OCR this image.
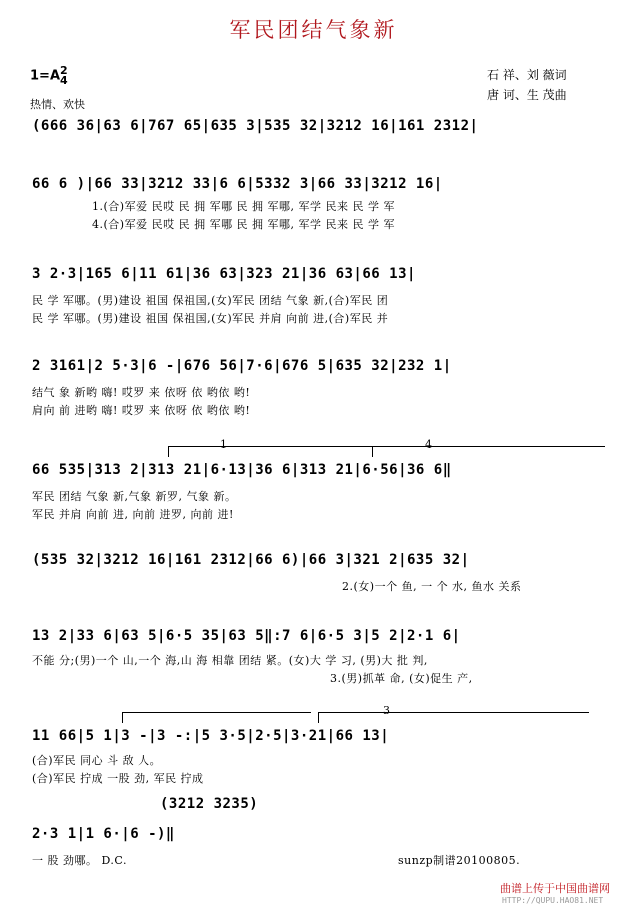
军民团结气象新
1=A2
4
热情、欢快
石 祥、刘 薇词
唐 诃、生 茂曲
(666 36|63 6|767 65|635 3|535 32|3212 16|161 2312|
66 6 )|66 33|3212 33|6 6|5332 3|66 33|3212 16|
1.(合)军爱 民哎 民 拥 军哪 民 拥 军哪, 军学 民来 民 学 军
4.(合)军爱 民哎 民 拥 军哪 民 拥 军哪, 军学 民来 民 学 军
3 2·3|165 6|11 61|36 63|323 21|36 63|66 13|
民 学 军哪。(男)建设 祖国 保祖国,(女)军民 团结 气象 新,(合)军民 团
民 学 军哪。(男)建设 祖国 保祖国,(女)军民 并肩 向前 进,(合)军民 并
2 3161|2 5·3|6 -|676 56|7·6|676 5|635 32|232 1|
结气 象 新哟 嗨! 哎罗 来 依呀 依 哟依 哟!
肩向 前 进哟 嗨! 哎罗 来 依呀 依 哟依 哟!
1	4
66 535|313 2|313 21|6·13|36 6|313 21|6·56|36 6‖
军民 团结 气象 新,气象 新罗, 气象 新。
军民 并肩 向前 进, 向前 进罗, 向前 进!
(535 32|3212 16|161 2312|66 6)|66 3|321 2|635 32|
2.(女)一个 鱼, 一 个 水, 鱼水 关系
13 2|33 6|63 5|6·5 35|63 5‖:7 6|6·5 3|5 2|2·1 6|
不能 分;(男)一个 山,一个 海,山 海 相靠 团结 紧。(女)大 学 习, (男)大 批 判,
3.(男)抓革 命, (女)促生 产,
3
11 66|5 1|3 -|3 -:|5 3·5|2·5|3·21|66 13|
(合)军民 同心 斗 敌 人。
(合)军民 拧成 一股 劲, 军民 拧成
(3212 3235)
2·3 1|1 6·|6 -)‖
一 股 劲哪。 D.C.	sunzp制谱20100805.
曲谱上传于中国曲谱网
HTTP://QUPU.HAO81.NET
